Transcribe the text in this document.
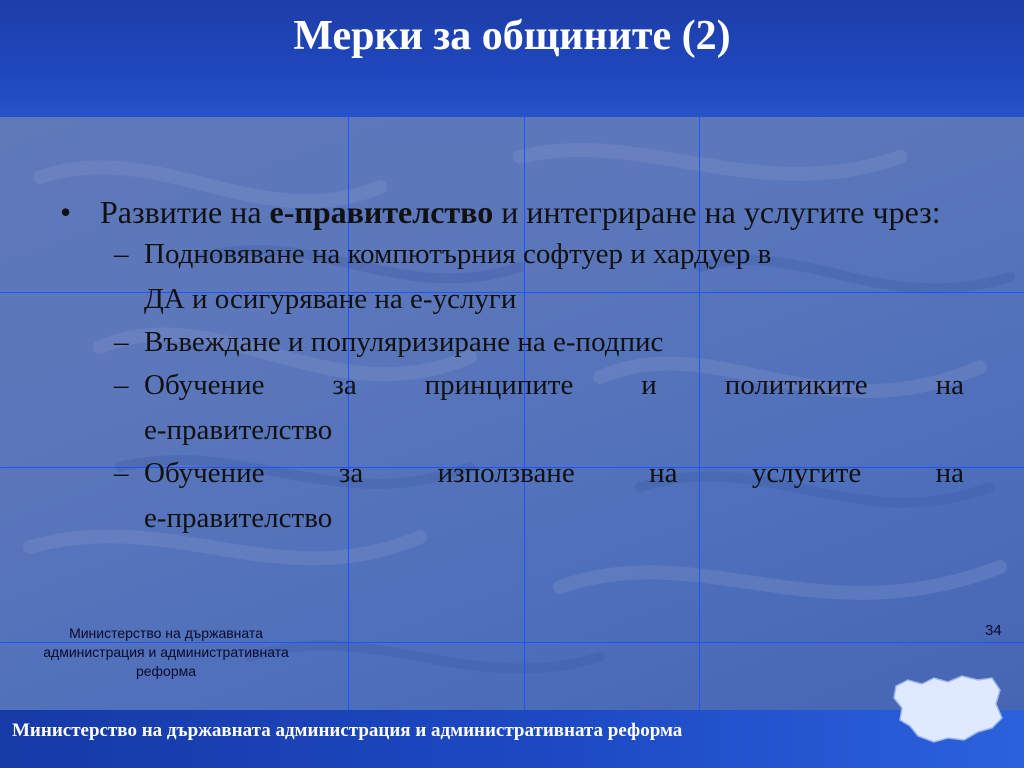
Мерки за общините (2)
• Развитие на е-правителство и интегриране на услугите чрез:
– Подновяване на компютърния софтуер и хардуер в
ДА и осигуряване на е-услуги
– Въвеждане и популяризиране на е-подпис
– Обучение за принципите и политиките на
е-правителство
– Обучение за използване на услугите на
е-правителство
Министерство на държавната администрация и административната реформа
34
Министерство на държавната администрация и административната реформа
